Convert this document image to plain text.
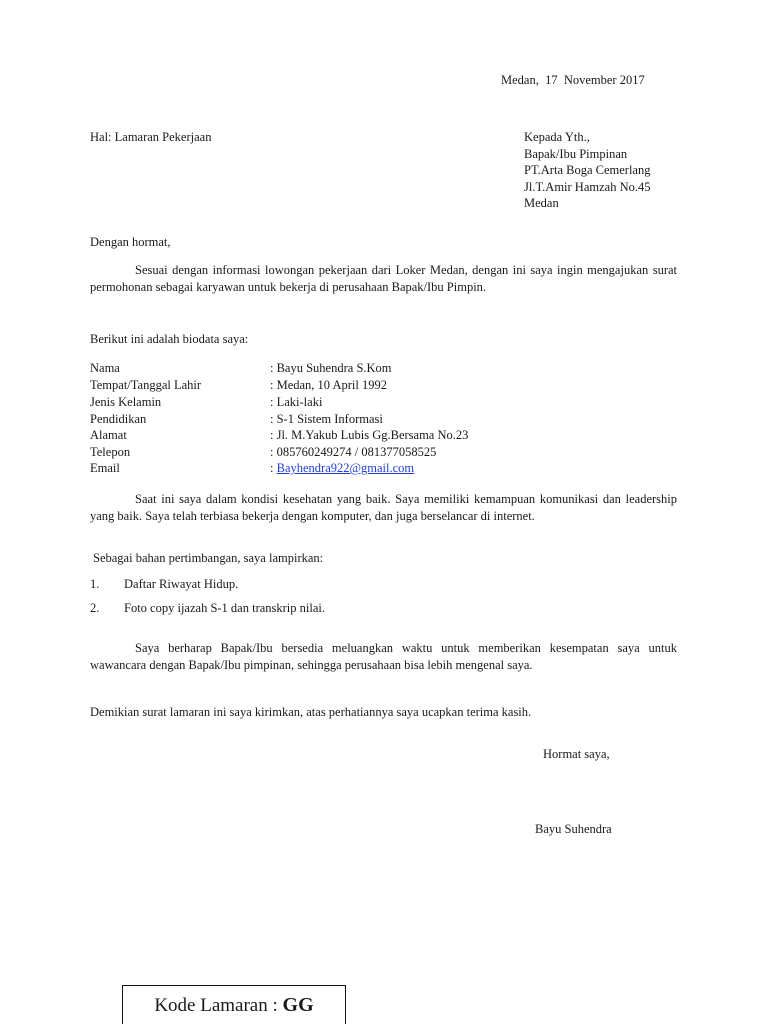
Medan,  17  November 2017

Hal: Lamaran Pekerjaan	Kepada Yth.,
Bapak/Ibu Pimpinan
PT.Arta Boga Cemerlang
Jl.T.Amir Hamzah No.45
Medan

Dengan hormat,

Sesuai dengan informasi lowongan pekerjaan dari Loker Medan, dengan ini saya ingin mengajukan surat permohonan sebagai karyawan untuk bekerja di perusahaan Bapak/Ibu Pimpin.

Berikut ini adalah biodata saya:

Nama	: Bayu Suhendra S.Kom
Tempat/Tanggal Lahir	: Medan, 10 April 1992
Jenis Kelamin	: Laki-laki
Pendidikan	: S-1 Sistem Informasi
Alamat	: Jl. M.Yakub Lubis Gg.Bersama No.23
Telepon	: 085760249274 / 081377058525
Email	: Bayhendra922@gmail.com

Saat ini saya dalam kondisi kesehatan yang baik. Saya memiliki kemampuan komunikasi dan leadership yang baik. Saya telah terbiasa bekerja dengan komputer, dan juga berselancar di internet.

Sebagai bahan pertimbangan, saya lampirkan:

1. Daftar Riwayat Hidup.
2. Foto copy ijazah S-1 dan transkrip nilai.

Saya berharap Bapak/Ibu bersedia meluangkan waktu untuk memberikan kesempatan saya untuk wawancara dengan Bapak/Ibu pimpinan, sehingga perusahaan bisa lebih mengenal saya.

Demikian surat lamaran ini saya kirimkan, atas perhatiannya saya ucapkan terima kasih.

Hormat saya,

Bayu Suhendra

Kode Lamaran : GG
